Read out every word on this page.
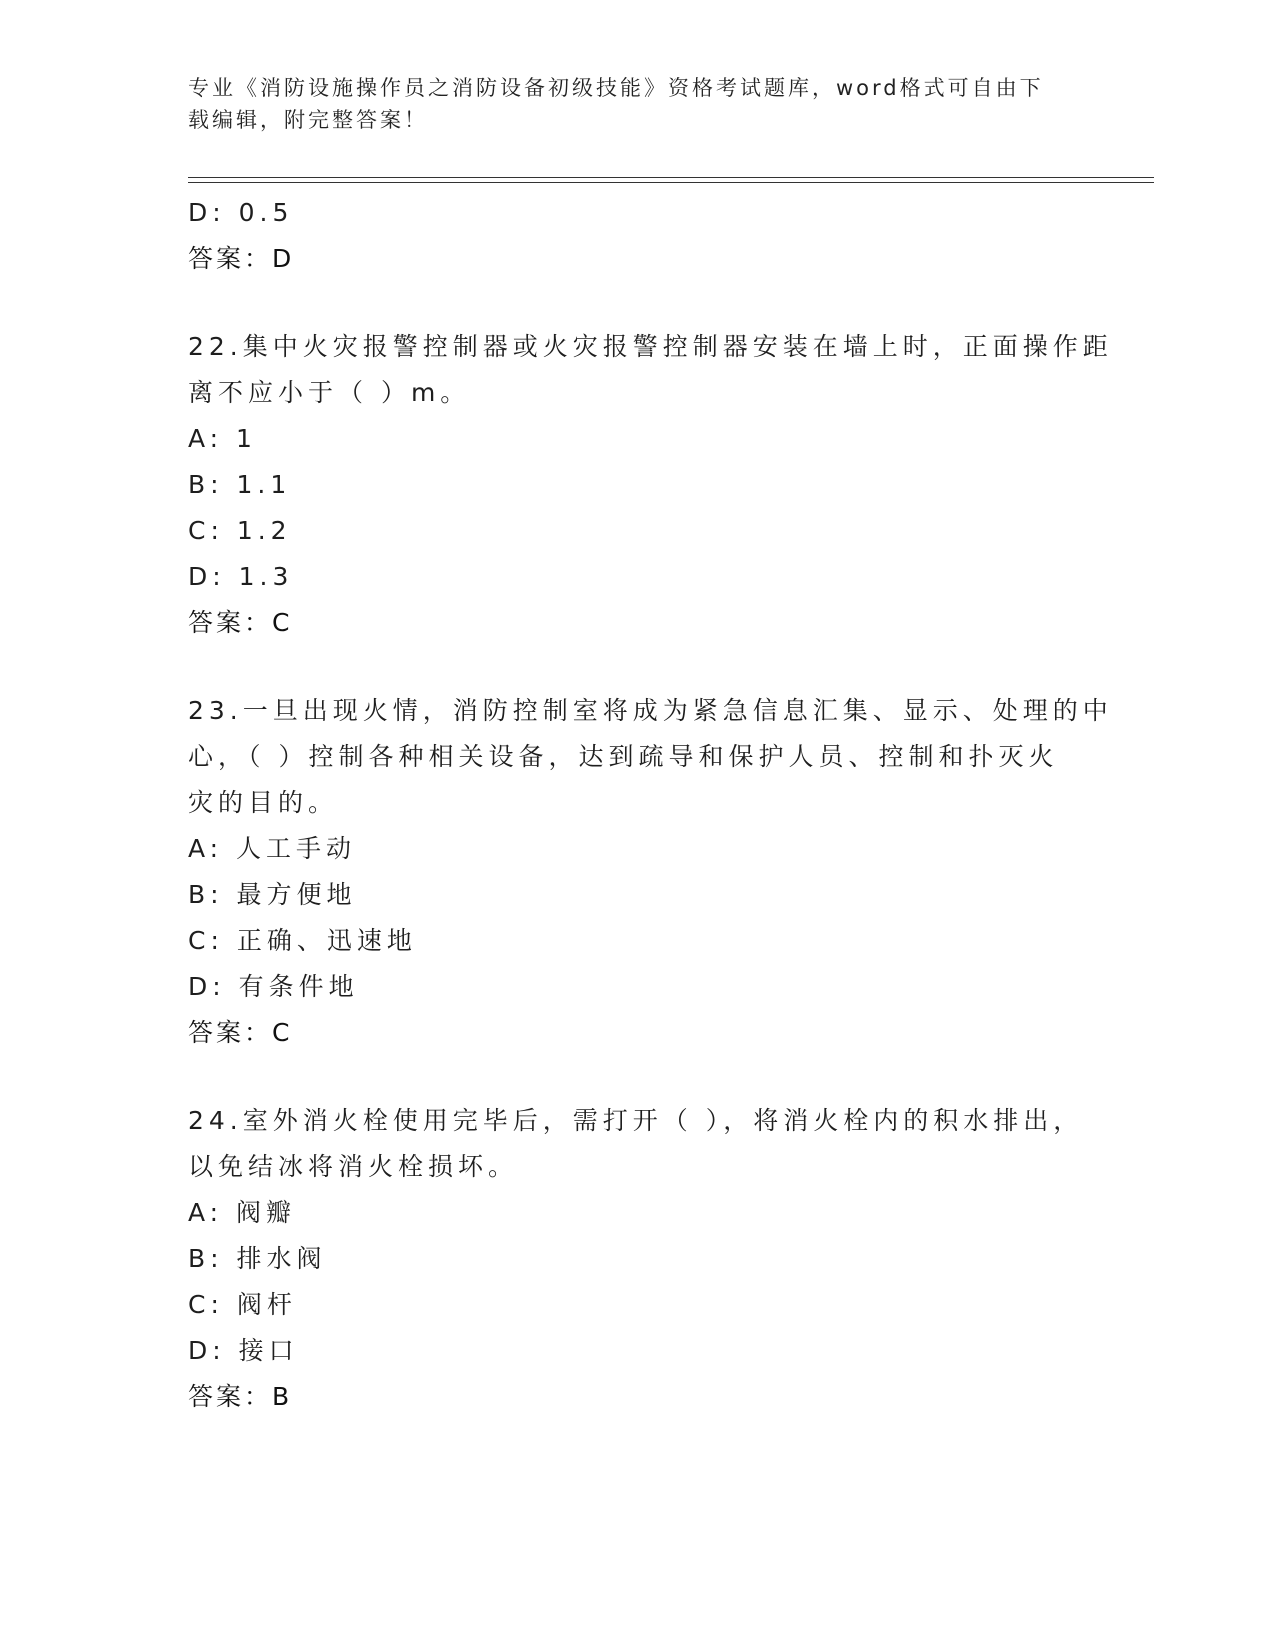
专业《消防设施操作员之消防设备初级技能》资格考试题库，word格式可自由下
载编辑，附完整答案！
D: 0.5
答案：D
22.集中火灾报警控制器或火灾报警控制器安装在墙上时，正面操作距
离不应小于（ ）m。
A: 1
B: 1.1
C: 1.2
D: 1.3
答案：C
23.一旦出现火情，消防控制室将成为紧急信息汇集、显示、处理的中
心，（ ）控制各种相关设备，达到疏导和保护人员、控制和扑灭火
灾的目的。
A: 人工手动
B: 最方便地
C: 正确、迅速地
D: 有条件地
答案：C
24.室外消火栓使用完毕后，需打开（ ），将消火栓内的积水排出，
以免结冰将消火栓损坏。
A: 阀瓣
B: 排水阀
C: 阀杆
D: 接口
答案：B
